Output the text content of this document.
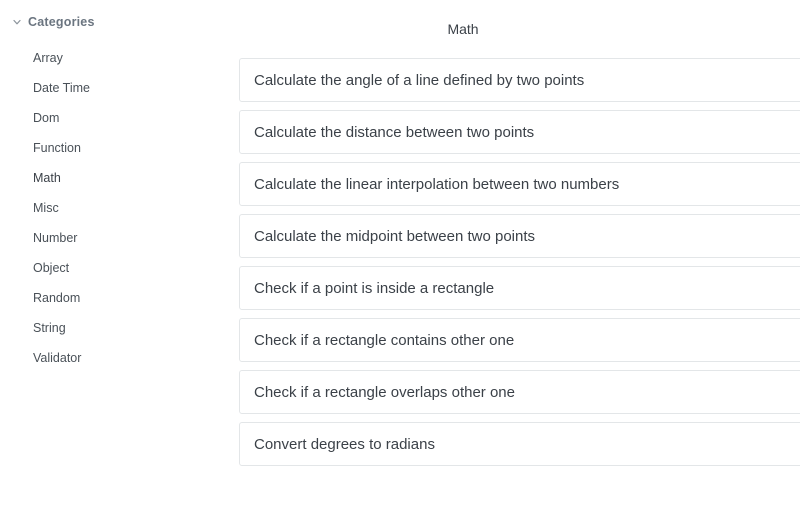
Categories
Array
Date Time
Dom
Function
Math
Misc
Number
Object
Random
String
Validator
Math
Calculate the angle of a line defined by two points
Calculate the distance between two points
Calculate the linear interpolation between two numbers
Calculate the midpoint between two points
Check if a point is inside a rectangle
Check if a rectangle contains other one
Check if a rectangle overlaps other one
Convert degrees to radians
